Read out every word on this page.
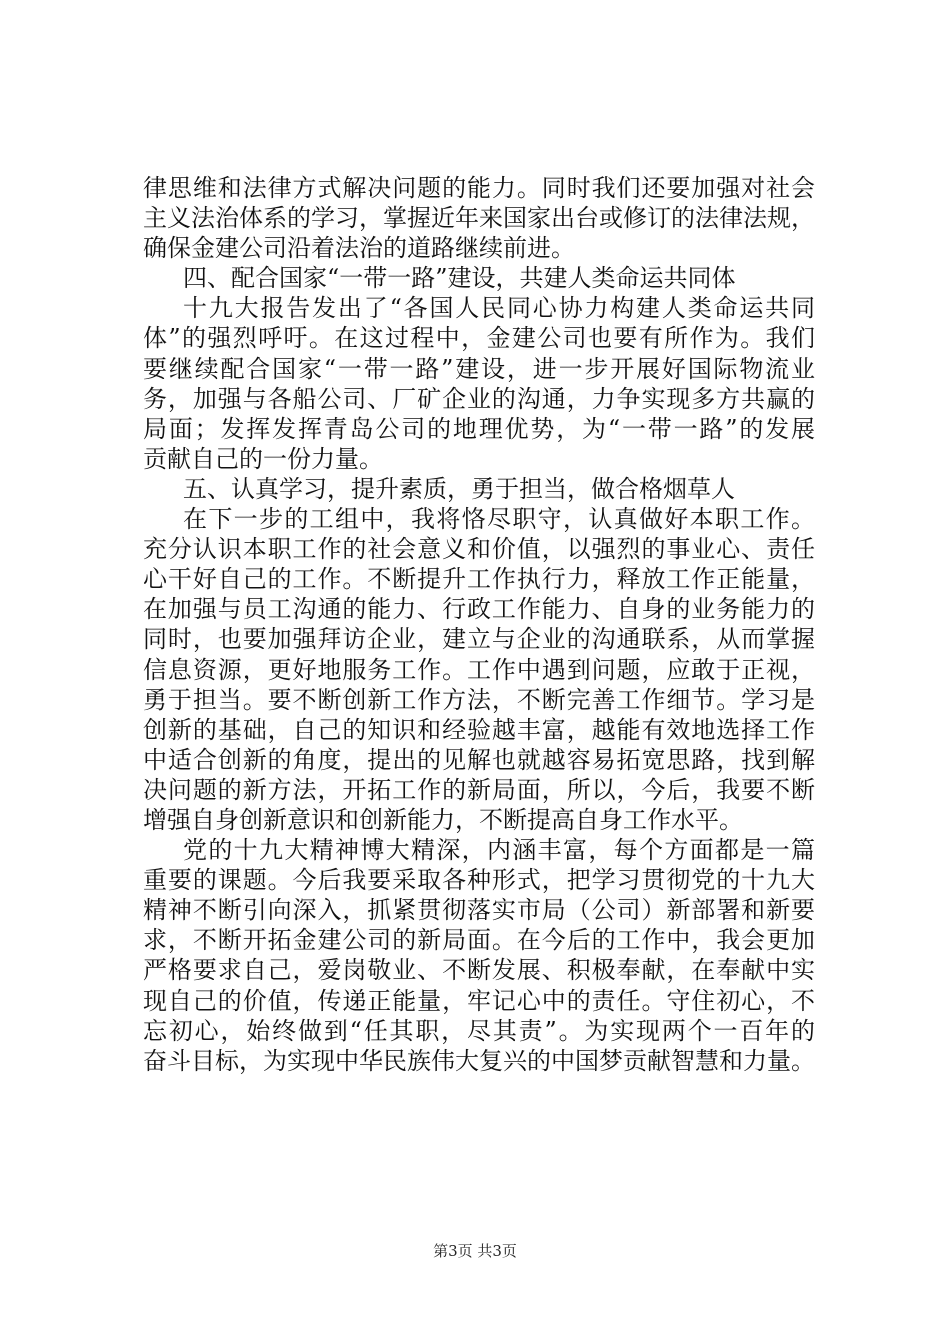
律思维和法律方式解决问题的能力。同时我们还要加强对社会
主义法治体系的学习，掌握近年来国家出台或修订的法律法规，
确保金建公司沿着法治的道路继续前进。
四、配合国家“一带一路”建设，共建人类命运共同体
十九大报告发出了“各国人民同心协力构建人类命运共同
体”的强烈呼吁。在这过程中，金建公司也要有所作为。我们
要继续配合国家“一带一路”建设，进一步开展好国际物流业
务，加强与各船公司、厂矿企业的沟通，力争实现多方共赢的
局面；发挥发挥青岛公司的地理优势，为“一带一路”的发展
贡献自己的一份力量。
五、认真学习，提升素质，勇于担当，做合格烟草人
在下一步的工组中，我将恪尽职守，认真做好本职工作。
充分认识本职工作的社会意义和价值，以强烈的事业心、责任
心干好自己的工作。不断提升工作执行力，释放工作正能量，
在加强与员工沟通的能力、行政工作能力、自身的业务能力的
同时，也要加强拜访企业，建立与企业的沟通联系，从而掌握
信息资源，更好地服务工作。工作中遇到问题，应敢于正视，
勇于担当。要不断创新工作方法，不断完善工作细节。学习是
创新的基础，自己的知识和经验越丰富，越能有效地选择工作
中适合创新的角度，提出的见解也就越容易拓宽思路，找到解
决问题的新方法，开拓工作的新局面，所以，今后，我要不断
增强自身创新意识和创新能力，不断提高自身工作水平。
党的十九大精神博大精深，内涵丰富，每个方面都是一篇
重要的课题。今后我要采取各种形式，把学习贯彻党的十九大
精神不断引向深入，抓紧贯彻落实市局（公司）新部署和新要
求，不断开拓金建公司的新局面。在今后的工作中，我会更加
严格要求自己，爱岗敬业、不断发展、积极奉献，在奉献中实
现自己的价值，传递正能量，牢记心中的责任。守住初心，不
忘初心，始终做到“任其职，尽其责”。为实现两个一百年的
奋斗目标，为实现中华民族伟大复兴的中国梦贡献智慧和力量。
第3页 共3页
